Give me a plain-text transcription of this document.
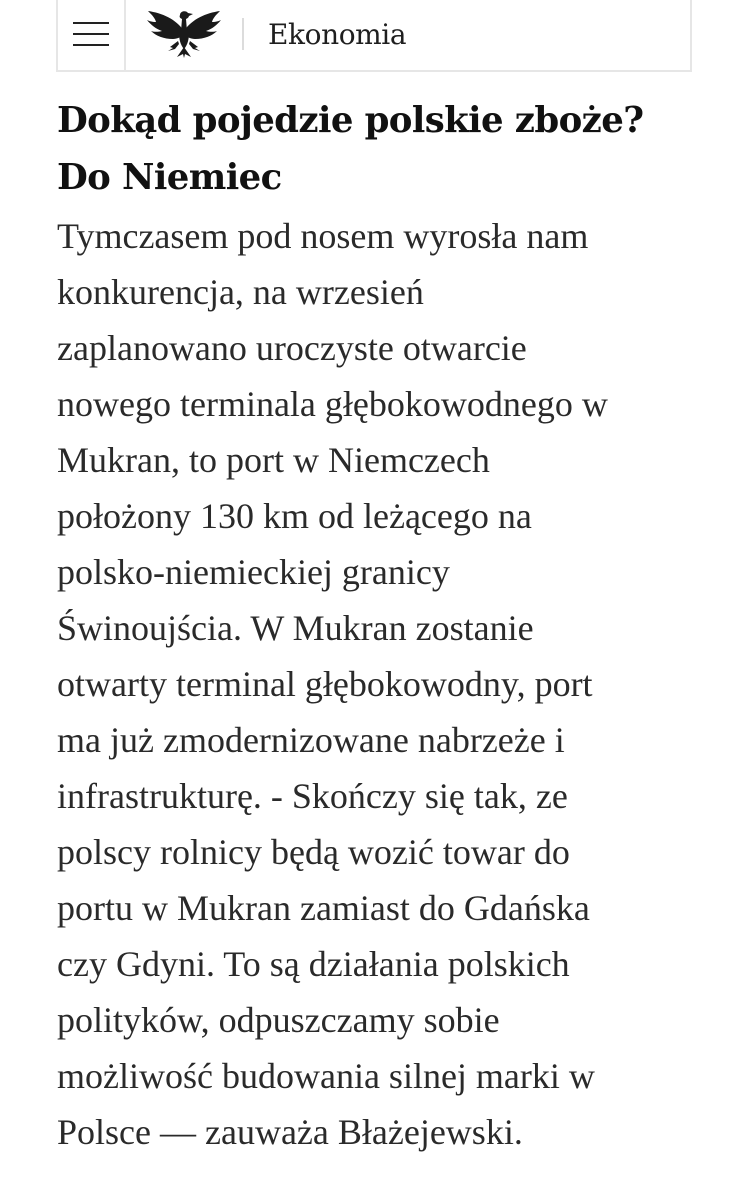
Ekonomia
Dokąd pojedzie polskie zboże?
Do Niemiec

Tymczasem pod nosem wyrosła nam
konkurencja, na wrzesień
zaplanowano uroczyste otwarcie
nowego terminala głębokowodnego w
Mukran, to port w Niemczech
położony 130 km od leżącego na
polsko-niemieckiej granicy
Świnoujścia. W Mukran zostanie
otwarty terminal głębokowodny, port
ma już zmodernizowane nabrzeże i
infrastrukturę. - Skończy się tak, ze
polscy rolnicy będą wozić towar do
portu w Mukran zamiast do Gdańska
czy Gdyni. To są działania polskich
polityków, odpuszczamy sobie
możliwość budowania silnej marki w
Polsce — zauważa Błażejewski.
